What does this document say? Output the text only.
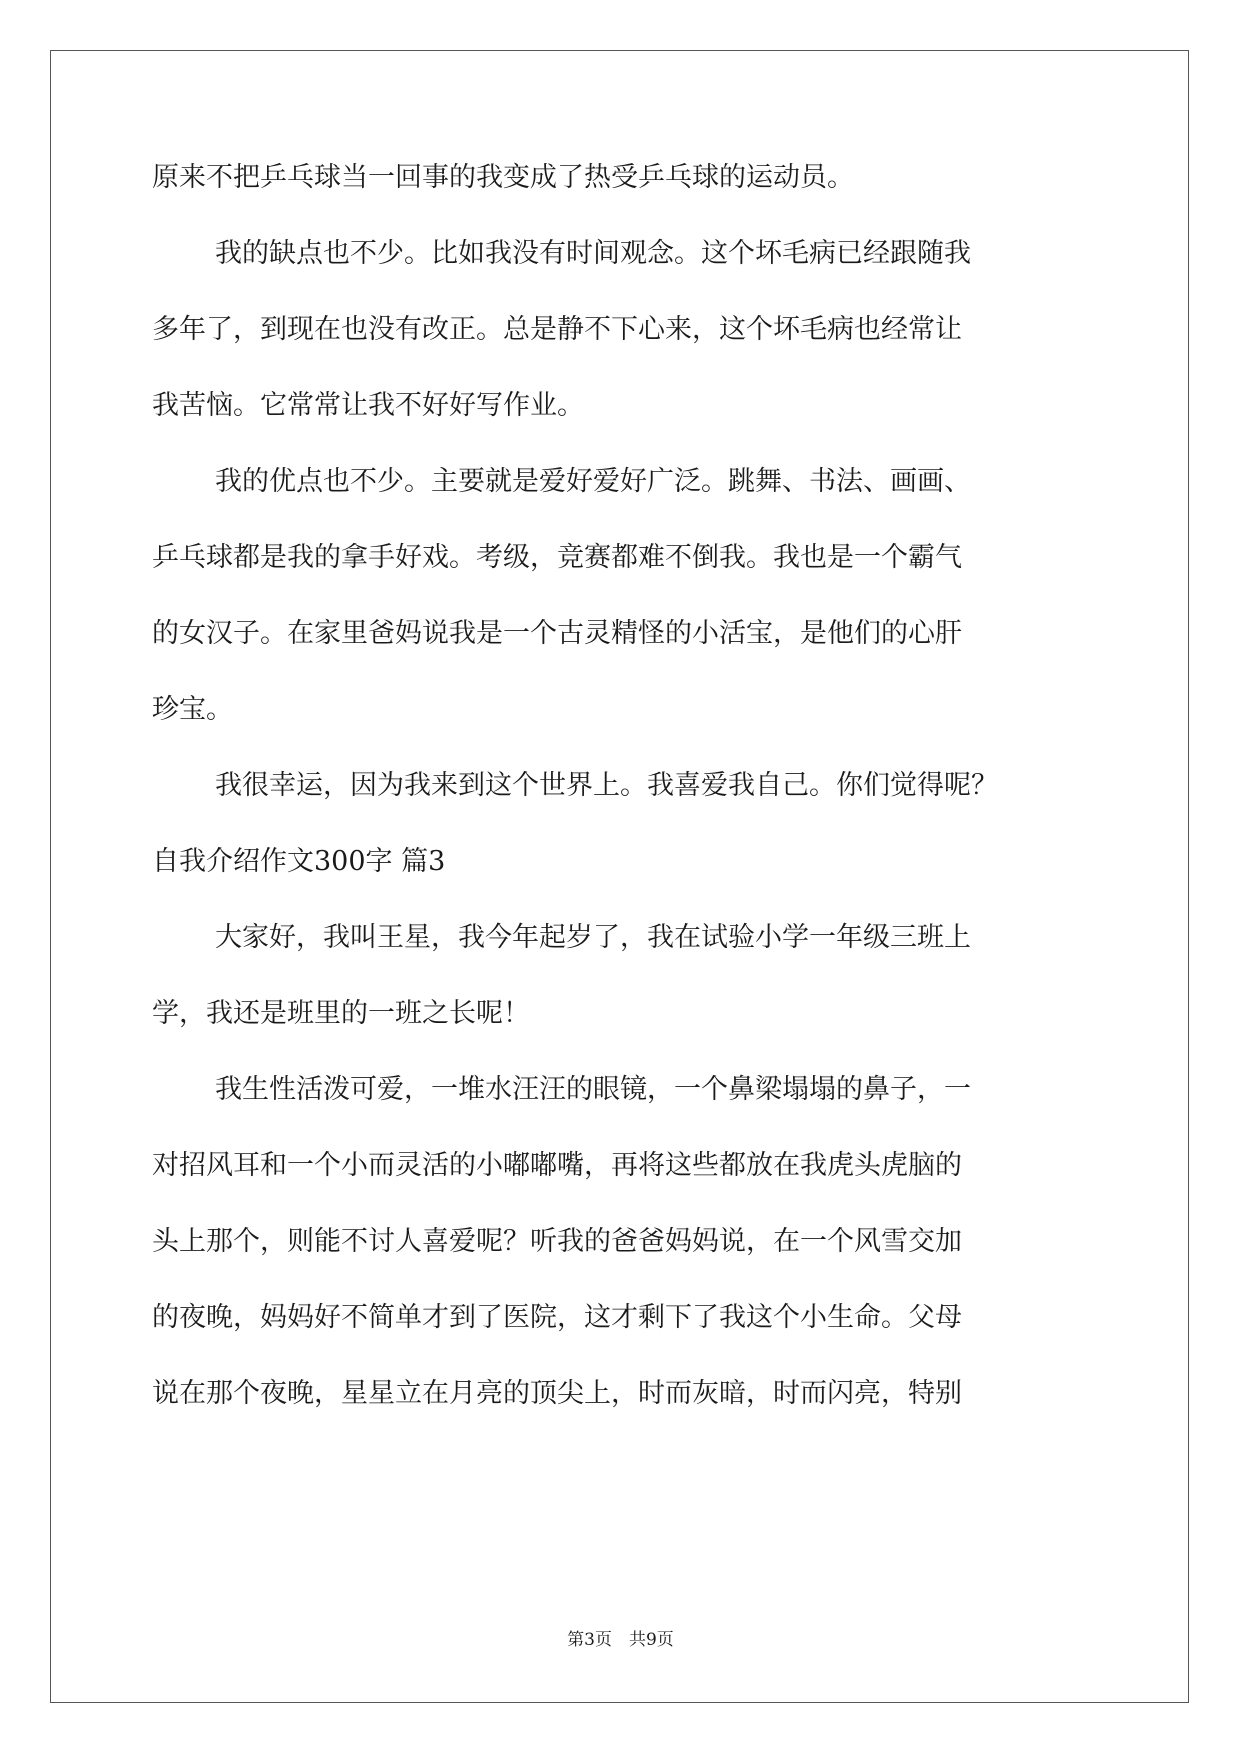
原来不把乒乓球当一回事的我变成了热受乒乓球的运动员。
我的缺点也不少。比如我没有时间观念。这个坏毛病已经跟随我
多年了，到现在也没有改正。总是静不下心来，这个坏毛病也经常让
我苦恼。它常常让我不好好写作业。
我的优点也不少。主要就是爱好爱好广泛。跳舞、书法、画画、
乒乓球都是我的拿手好戏。考级，竞赛都难不倒我。我也是一个霸气
的女汉子。在家里爸妈说我是一个古灵精怪的小活宝，是他们的心肝
珍宝。
我很幸运，因为我来到这个世界上。我喜爱我自己。你们觉得呢？
自我介绍作文300字 篇3
大家好，我叫王星，我今年起岁了，我在试验小学一年级三班上
学，我还是班里的一班之长呢！
我生性活泼可爱，一堆水汪汪的眼镜，一个鼻梁塌塌的鼻子，一
对招风耳和一个小而灵活的小嘟嘟嘴，再将这些都放在我虎头虎脑的
头上那个，则能不讨人喜爱呢？听我的爸爸妈妈说，在一个风雪交加
的夜晚，妈妈好不简单才到了医院，这才剩下了我这个小生命。父母
说在那个夜晚，星星立在月亮的顶尖上，时而灰暗，时而闪亮，特别
第3页　共9页
